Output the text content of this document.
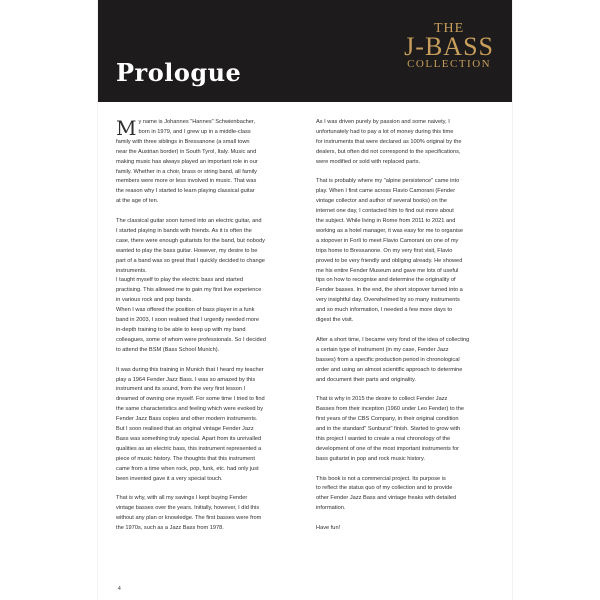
Prologue
THE
J-BASS
COLLECTION

My name is Johannes "Hannes" Schwienbacher,
born in 1979, and I grew up in a middle-class
family with three siblings in Bressanone (a small town
near the Austrian border) in South Tyrol, Italy. Music and
making music has always played an important role in our
family. Whether in a choir, brass or string band, all family
members were more or less involved in music. That was
the reason why I started to learn playing classical guitar
at the age of ten.

The classical guitar soon turned into an electric guitar, and
I started playing in bands with friends. As it is often the
case, there were enough guitarists for the band, but nobody
wanted to play the bass guitar. However, my desire to be
part of a band was so great that I quickly decided to change
instruments.
I taught myself to play the electric bass and started
practising. This allowed me to gain my first live experience
in various rock and pop bands.
When I was offered the position of bass player in a funk
band in 2003, I soon realised that I urgently needed more
in-depth training to be able to keep up with my band
colleagues, some of whom were professionals. So I decided
to attend the BSM (Bass School Munich).

It was during this training in Munich that I heard my teacher
play a 1964 Fender Jazz Bass. I was so amazed by this
instrument and its sound, from the very first lesson I
dreamed of owning one myself. For some time I tried to find
the same characteristics and feeling which were evoked by
Fender Jazz Bass copies and other modern instruments.
But I soon realised that an original vintage Fender Jazz
Bass was something truly special. Apart from its unrivalled
qualities as an electric bass, this instrument represented a
piece of music history. The thoughts that this instrument
came from a time when rock, pop, funk, etc. had only just
been invented gave it a very special touch.

That is why, with all my savings I kept buying Fender
vintage basses over the years. Initially, however, I did this
without any plan or knowledge. The first basses were from
the 1970s, such as a Jazz Bass from 1978.

As I was driven purely by passion and some naivety, I
unfortunately had to pay a lot of money during this time
for instruments that were declared as 100% original by the
dealers, but often did not correspond to the specifications,
were modified or sold with replaced parts.

That is probably where my "alpine persistence" came into
play. When I first came across Flavio Camorani (Fender
vintage collector and author of several books) on the
internet one day, I contacted him to find out more about
the subject. While living in Rome from 2011 to 2021 and
working as a hotel manager, it was easy for me to organise
a stopover in Forlì to meet Flavio Camorani on one of my
trips home to Bressanone. On my very first visit, Flavio
proved to be very friendly and obliging already. He showed
me his entire Fender Museum and gave me lots of useful
tips on how to recognise and determine the originality of
Fender basses. In the end, the short stopover turned into a
very insightful day. Overwhelmed by so many instruments
and so much information, I needed a few more days to
digest the visit.

After a short time, I became very fond of the idea of collecting
a certain type of instrument (in my case, Fender Jazz
basses) from a specific production period in chronological
order and using an almost scientific approach to determine
and document their parts and originality.

That is why in 2015 the desire to collect Fender Jazz
Basses from their inception (1960 under Leo Fender) to the
first years of the CBS Company, in their original condition
and in the standard" Sunburst" finish. Started to grow with
this project I wanted to create a real chronology of the
development of one of the most important instruments for
bass guitarist in pop and rock music history.

This book is not a commercial project. Its purpose is
to reflect the status quo of my collection and to provide
other Fender Jazz Bass and vintage freaks with detailed
information.

Have fun!

4
